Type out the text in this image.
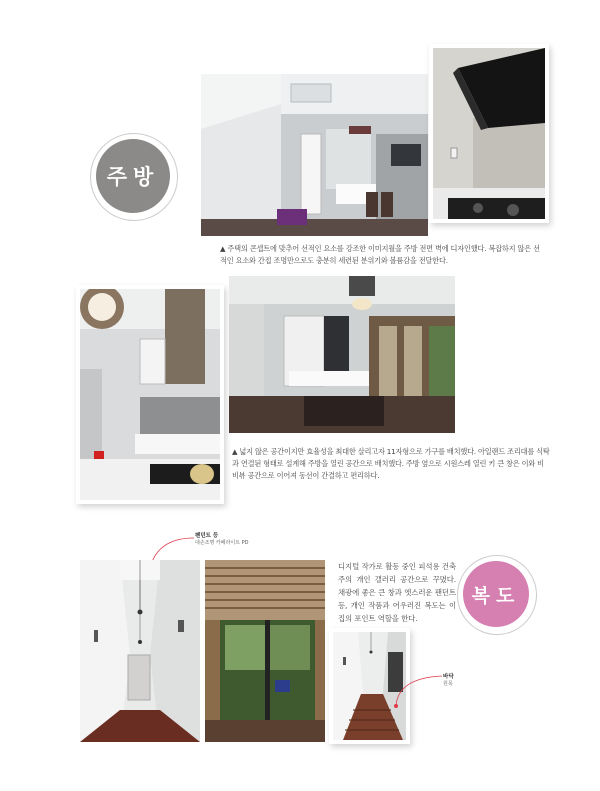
주방
▲ 주택의 콘셉트에 맞추어 선적인 요소를 강조한 이미지월을 주방 전면 벽에 디자인했다. 복잡하지 않은 선적인 요소와 간접 조명만으로도 충분히 세련된 분위기와 볼륨감을 전달한다.
▲ 넓지 않은 공간이지만 효율성을 최대한 살리고자 11자형으로 가구를 배치했다. 아일랜드 조리대를 식탁과 연결된 형태로 설계해 주방을 열린 공간으로 배치했다. 주방 옆으로 시원스레 열린 키 큰 창은 이와 비비뷰 공간으로 이어져 동선이 간결하고 편리하다.
펜던트 등
대손조명 카페라이트 PD
디지털 작가로 활동 중인 피석용 건축주의 개인 갤러리 공간으로 꾸몄다. 채광에 좋은 큰 창과 엣스러운 팬던트등, 개인 작품과 어우러진 복도는 이 집의 포인트 역할을 한다.
복도
바닥
원목
